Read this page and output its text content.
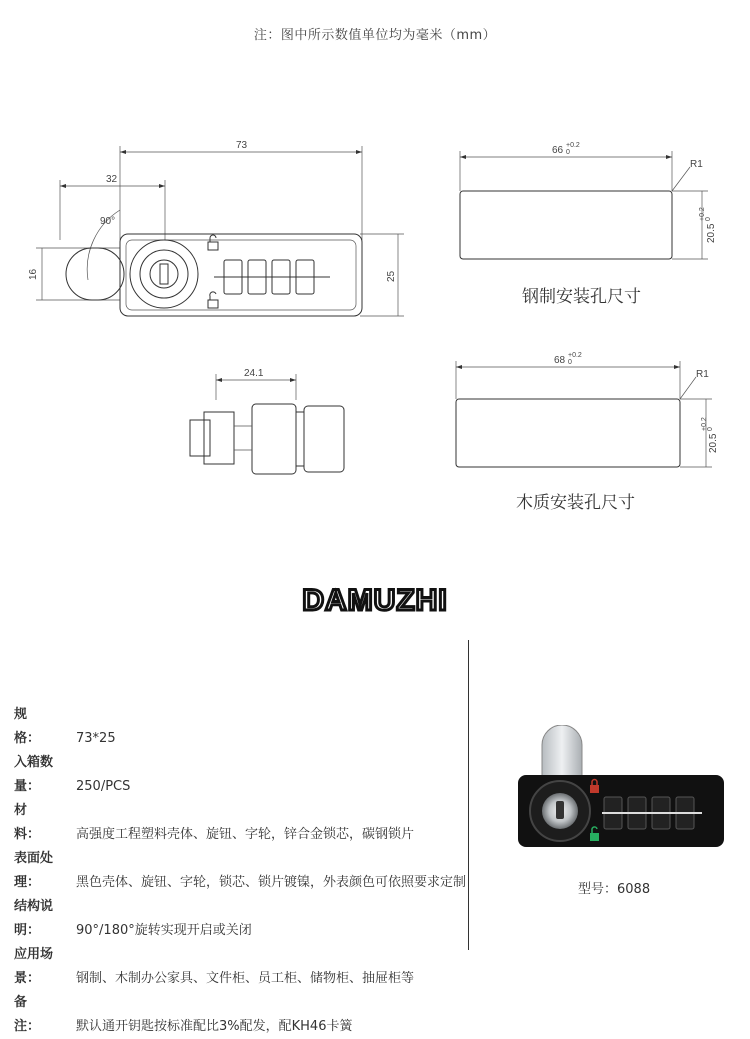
注：图中所示数值单位均为毫米（mm）
73
32
90°
16	25
24.1
66 +0.2
0
R1
20.5
+0.2 0
钢制安装孔尺寸
68 +0.2
0
R1
20.5
+0.2 0
木质安装孔尺寸
DAMUZHI
规　　格：	73*25
入箱数量：	250/PCS
材　　料：	高强度工程塑料壳体、旋钮、字轮，锌合金锁芯，碳钢锁片
表面处理：	黑色壳体、旋钮、字轮，锁芯、锁片镀镍，外表颜色可依照要求定制
结构说明：	90°/180°旋转实现开启或关闭
应用场景：	钢制、木制办公家具、文件柜、员工柜、储物柜、抽屉柜等
备　　注：	默认通开钥匙按标准配比3%配发，配KH46卡簧
型号：6088
